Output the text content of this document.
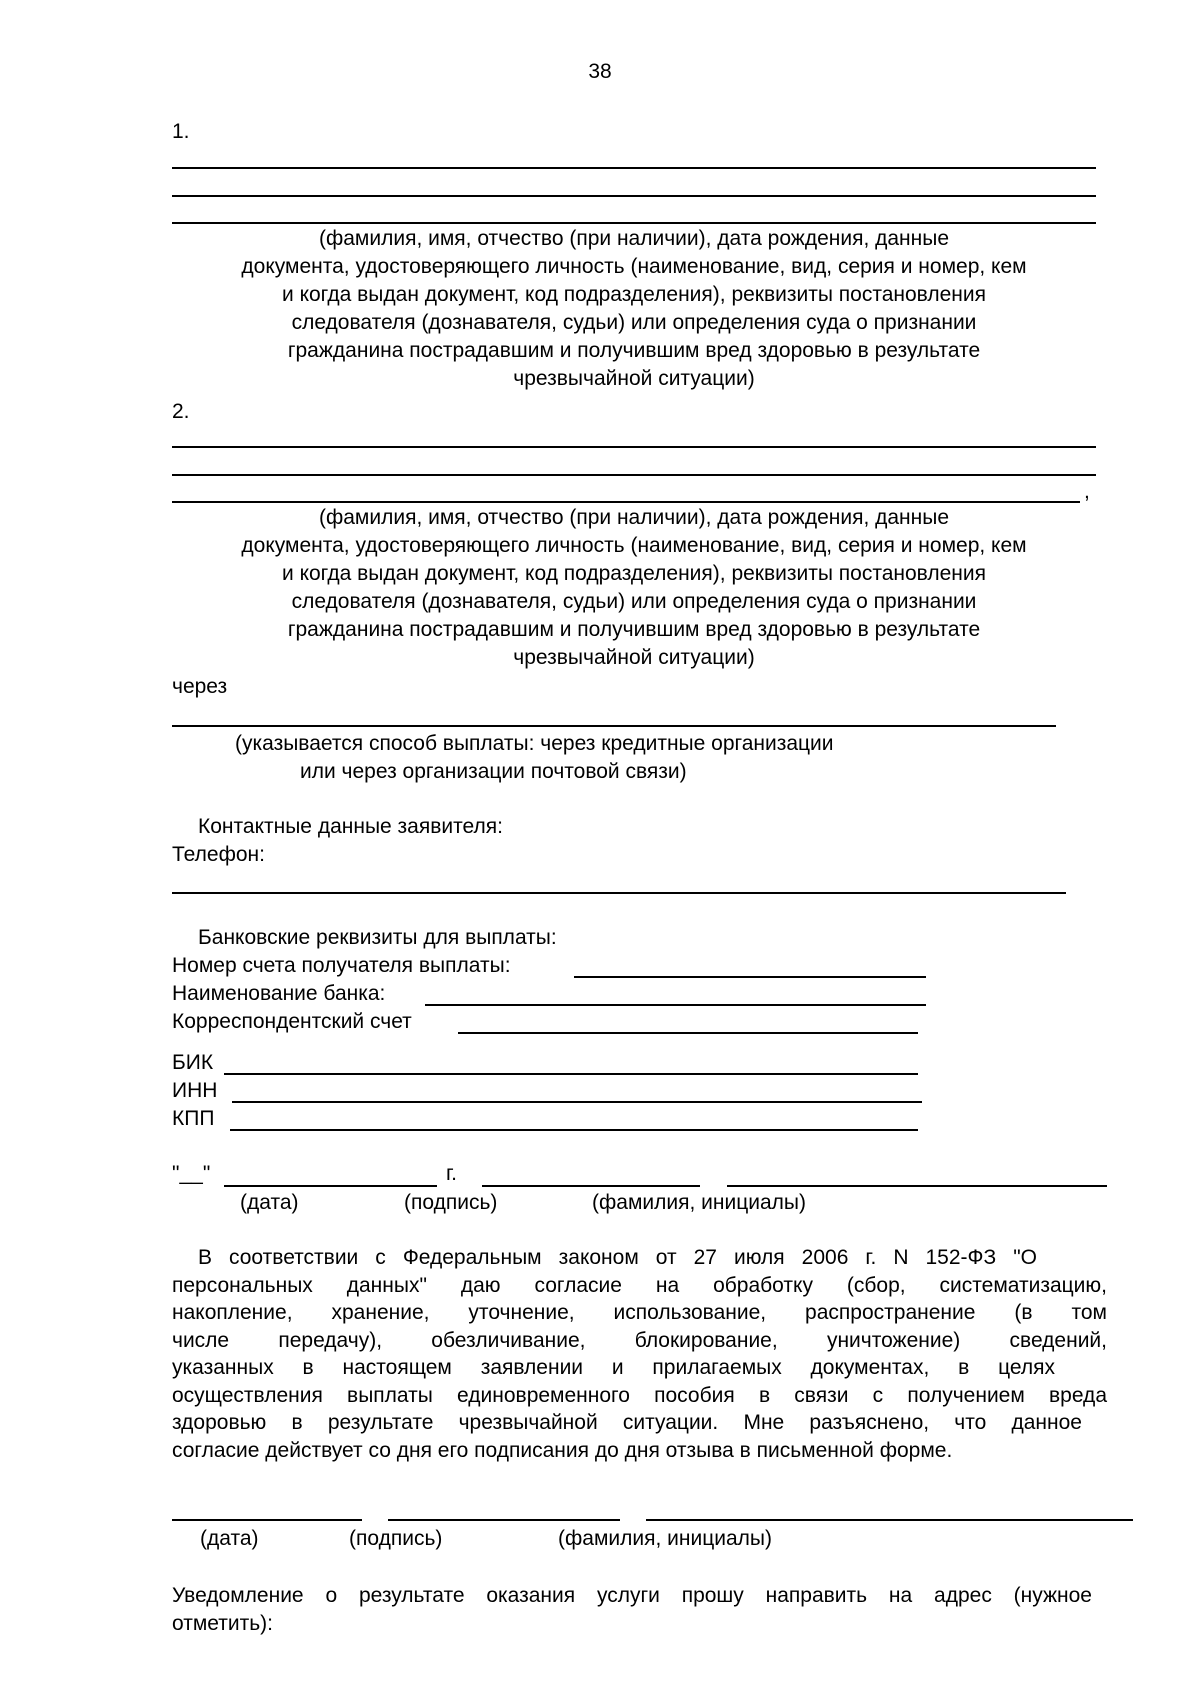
38
1.
(фамилия, имя, отчество (при наличии), дата рождения, данные
документа, удостоверяющего личность (наименование, вид, серия и номер, кем
и когда выдан документ, код подразделения), реквизиты постановления
следователя (дознавателя, судьи) или определения суда о признании
гражданина пострадавшим и получившим вред здоровью в результате
чрезвычайной ситуации)
2.
,
(фамилия, имя, отчество (при наличии), дата рождения, данные
документа, удостоверяющего личность (наименование, вид, серия и номер, кем
и когда выдан документ, код подразделения), реквизиты постановления
следователя (дознавателя, судьи) или определения суда о признании
гражданина пострадавшим и получившим вред здоровью в результате
чрезвычайной ситуации)
через
(указывается способ выплаты: через кредитные организации
или через организации почтовой связи)
Контактные данные заявителя:
Телефон:
Банковские реквизиты для выплаты:
Номер счета получателя выплаты:
Наименование банка:
Корреспондентский счет
БИК
ИНН
КПП
"__"	г.
(дата)	(подпись)	(фамилия, инициалы)
В соответствии с Федеральным законом от 27 июля 2006 г. N 152-ФЗ "О
персональных данных" даю согласие на обработку (сбор, систематизацию,
накопление, хранение, уточнение, использование, распространение (в том
числе передачу), обезличивание, блокирование, уничтожение) сведений,
указанных в настоящем заявлении и прилагаемых документах, в целях
осуществления выплаты единовременного пособия в связи с получением вреда
здоровью в результате чрезвычайной ситуации. Мне разъяснено, что данное
согласие действует со дня его подписания до дня отзыва в письменной форме.
(дата)	(подпись)	(фамилия, инициалы)
Уведомление о результате оказания услуги прошу направить на адрес (нужное
отметить):
